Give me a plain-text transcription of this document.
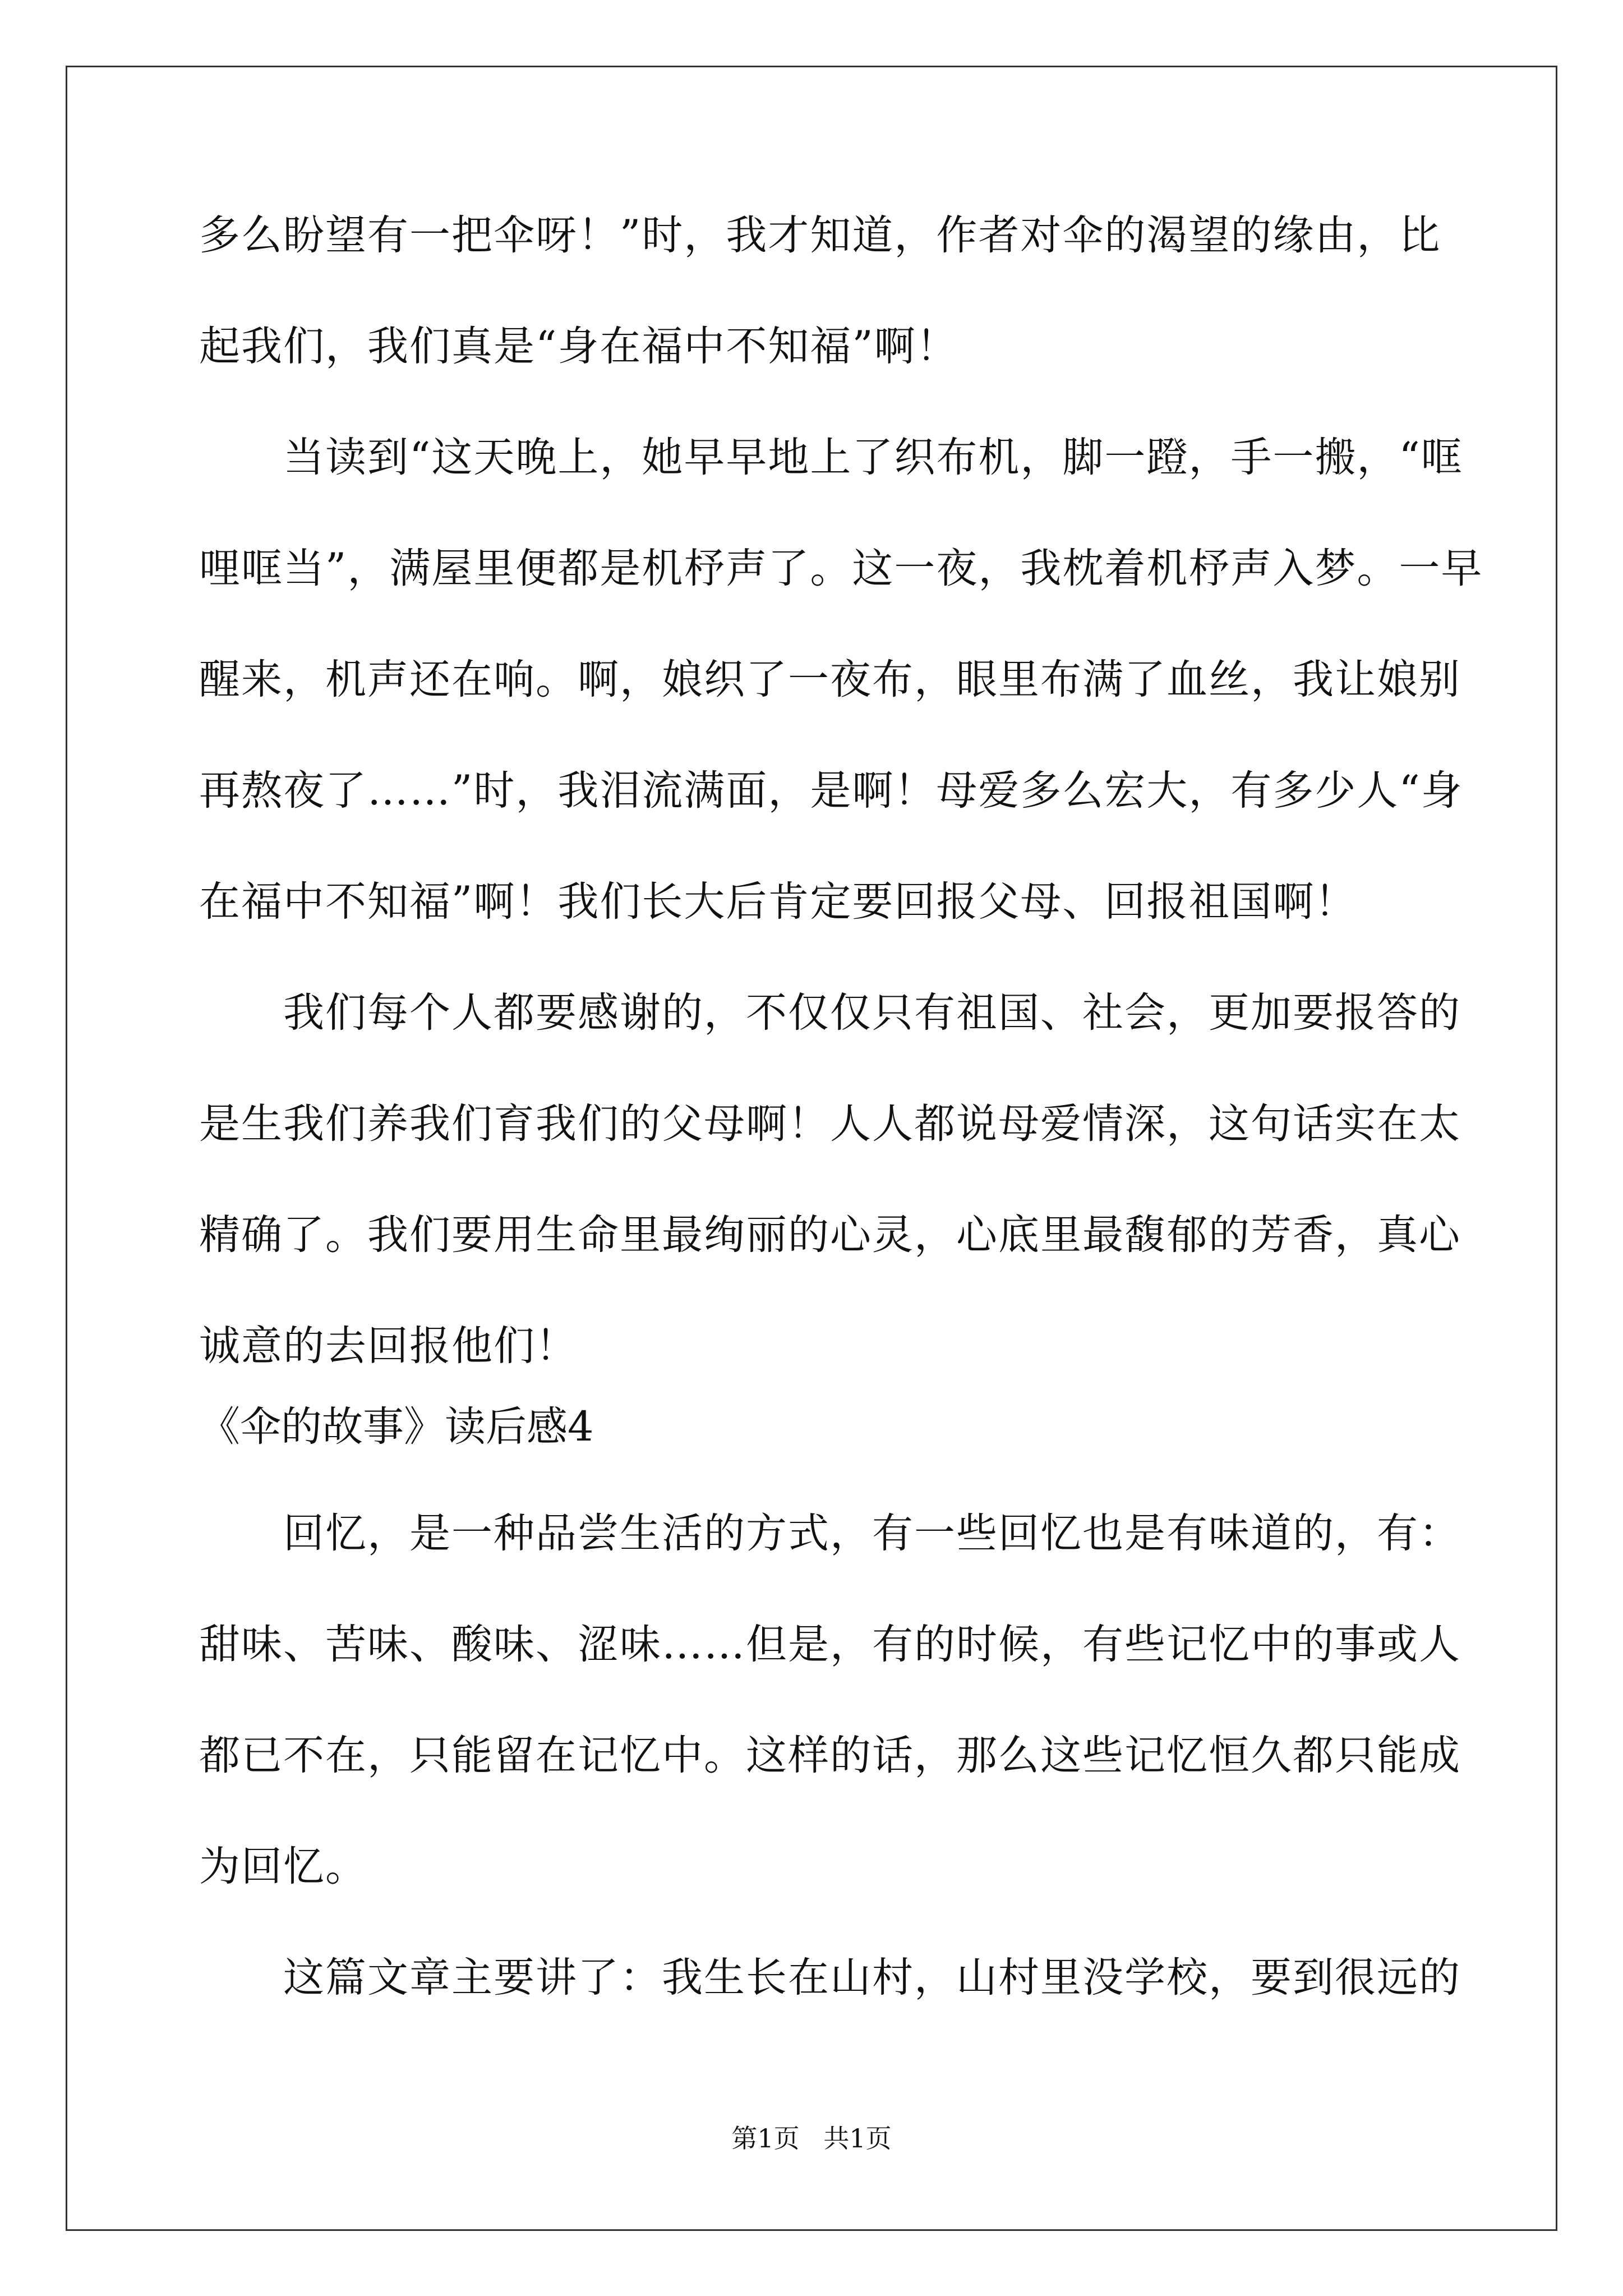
多么盼望有一把伞呀！”时，我才知道，作者对伞的渴望的缘由，比
起我们，我们真是“身在福中不知福”啊！
当读到“这天晚上，她早早地上了织布机，脚一蹬，手一搬，“哐
哩哐当”，满屋里便都是机杼声了。这一夜，我枕着机杼声入梦。一早
醒来，机声还在响。啊，娘织了一夜布，眼里布满了血丝，我让娘别
再熬夜了……”时，我泪流满面，是啊！母爱多么宏大，有多少人“身
在福中不知福”啊！我们长大后肯定要回报父母、回报祖国啊！
我们每个人都要感谢的，不仅仅只有祖国、社会，更加要报答的
是生我们养我们育我们的父母啊！人人都说母爱情深，这句话实在太
精确了。我们要用生命里最绚丽的心灵，心底里最馥郁的芳香，真心
诚意的去回报他们！
《伞的故事》读后感4
回忆，是一种品尝生活的方式，有一些回忆也是有味道的，有：
甜味、苦味、酸味、涩味……但是，有的时候，有些记忆中的事或人
都已不在，只能留在记忆中。这样的话，那么这些记忆恒久都只能成
为回忆。
这篇文章主要讲了：我生长在山村，山村里没学校，要到很远的
第1页 共1页
